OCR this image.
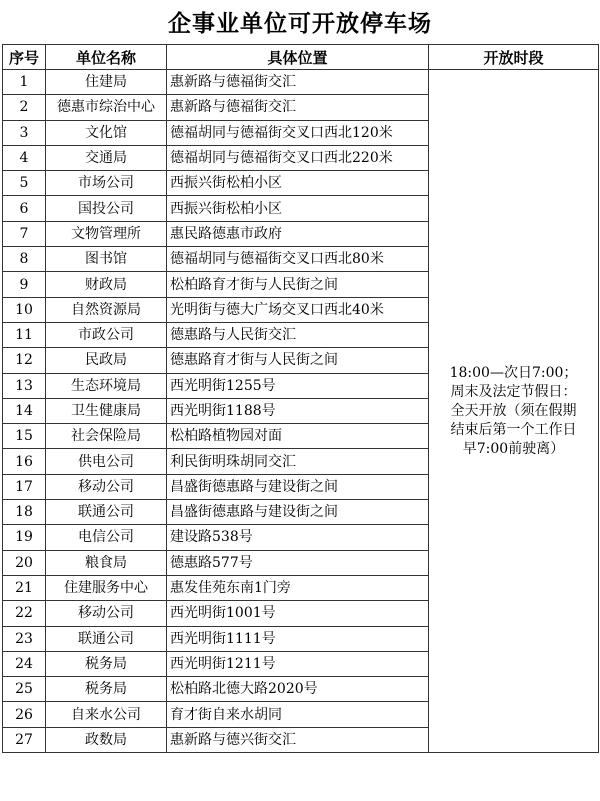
企事业单位可开放停车场
序号	单位名称	具体位置	开放时段
1	住建局	惠新路与德福街交汇	18:00—次日7:00；
周末及法定节假日：
全天开放（须在假期
结束后第一个工作日
早7:00前驶离）

2	德惠市综治中心	惠新路与德福街交汇	
3	文化馆	德福胡同与德福街交叉口西北120米	
4	交通局	德福胡同与德福街交叉口西北220米	
5	市场公司	西振兴街松柏小区	
6	国投公司	西振兴街松柏小区	
7	文物管理所	惠民路德惠市政府	
8	图书馆	德福胡同与德福街交叉口西北80米	
9	财政局	松柏路育才街与人民街之间	
10	自然资源局	光明街与德大广场交叉口西北40米	
11	市政公司	德惠路与人民街交汇	
12	民政局	德惠路育才街与人民街之间	
13	生态环境局	西光明街1255号	
14	卫生健康局	西光明街1188号	
15	社会保险局	松柏路植物园对面	
16	供电公司	利民街明珠胡同交汇	
17	移动公司	昌盛街德惠路与建设街之间	
18	联通公司	昌盛街德惠路与建设街之间	
19	电信公司	建设路538号	
20	粮食局	德惠路577号	
21	住建服务中心	惠发佳苑东南1门旁	
22	移动公司	西光明街1001号	
23	联通公司	西光明街1111号	
24	税务局	西光明街1211号	
25	税务局	松柏路北德大路2020号	
26	自来水公司	育才街自来水胡同	
27	政数局	惠新路与德兴街交汇	
